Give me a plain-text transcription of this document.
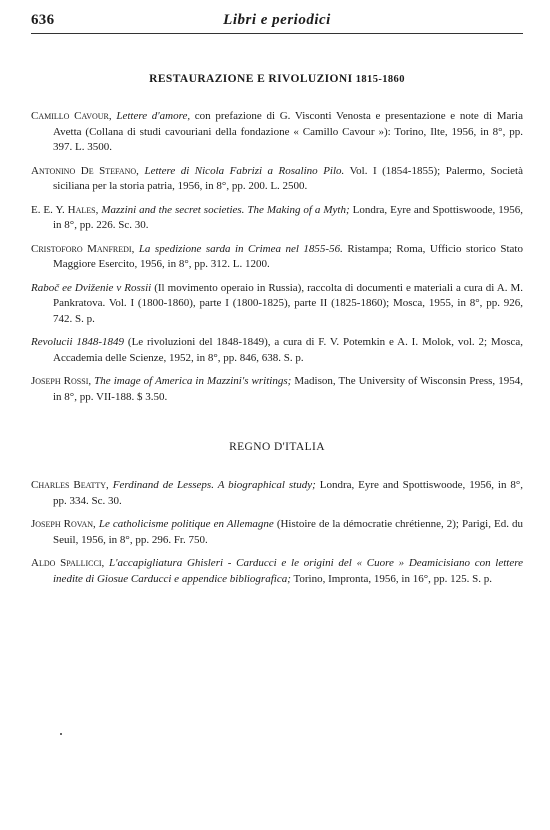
636	Libri e periodici
RESTAURAZIONE E RIVOLUZIONI 1815-1860

Camillo Cavour, Lettere d'amore, con prefazione di G. Visconti Venosta e presentazione e note di Maria Avetta (Collana di studi cavouriani della fondazione « Camillo Cavour »): Torino, Ilte, 1956, in 8°, pp. 397. L. 3500.

Antonino De Stefano, Lettere di Nicola Fabrizi a Rosalino Pilo. Vol. I (1854-1855); Palermo, Società siciliana per la storia patria, 1956, in 8°, pp. 200. L. 2500.

E. E. Y. Hales, Mazzini and the secret societies. The Making of a Myth; Londra, Eyre and Spottiswoode, 1956, in 8°, pp. 226. Sc. 30.

Cristoforo Manfredi, La spedizione sarda in Crimea nel 1855-56. Ristampa; Roma, Ufficio storico Stato Maggiore Esercito, 1956, in 8°, pp. 312. L. 1200.

Raboč ee Dviženie v Rossii (Il movimento operaio in Russia), raccolta di documenti e materiali a cura di A. M. Pankratova. Vol. I (1800-1860), parte I (1800-1825), parte II (1825-1860); Mosca, 1955, in 8°, pp. 926, 742. S. p.

Revolucii 1848-1849 (Le rivoluzioni del 1848-1849), a cura di F. V. Potemkin e A. I. Molok, vol. 2; Mosca, Accademia delle Scienze, 1952, in 8°, pp. 846, 638. S. p.

Joseph Rossi, The image of America in Mazzini's writings; Madison, The University of Wisconsin Press, 1954, in 8°, pp. VII-188. $ 3.50.

REGNO D'ITALIA

Charles Beatty, Ferdinand de Lesseps. A biographical study; Londra, Eyre and Spottiswoode, 1956, in 8°, pp. 334. Sc. 30.

Joseph Rovan, Le catholicisme politique en Allemagne (Histoire de la démocratie chrétienne, 2); Parigi, Ed. du Seuil, 1956, in 8°, pp. 296. Fr. 750.

Aldo Spallicci, L'accapigliatura Ghisleri - Carducci e le origini del « Cuore » Deamicisiano con lettere inedite di Giosue Carducci e appendice bibliografica; Torino, Impronta, 1956, in 16°, pp. 125. S. p.
